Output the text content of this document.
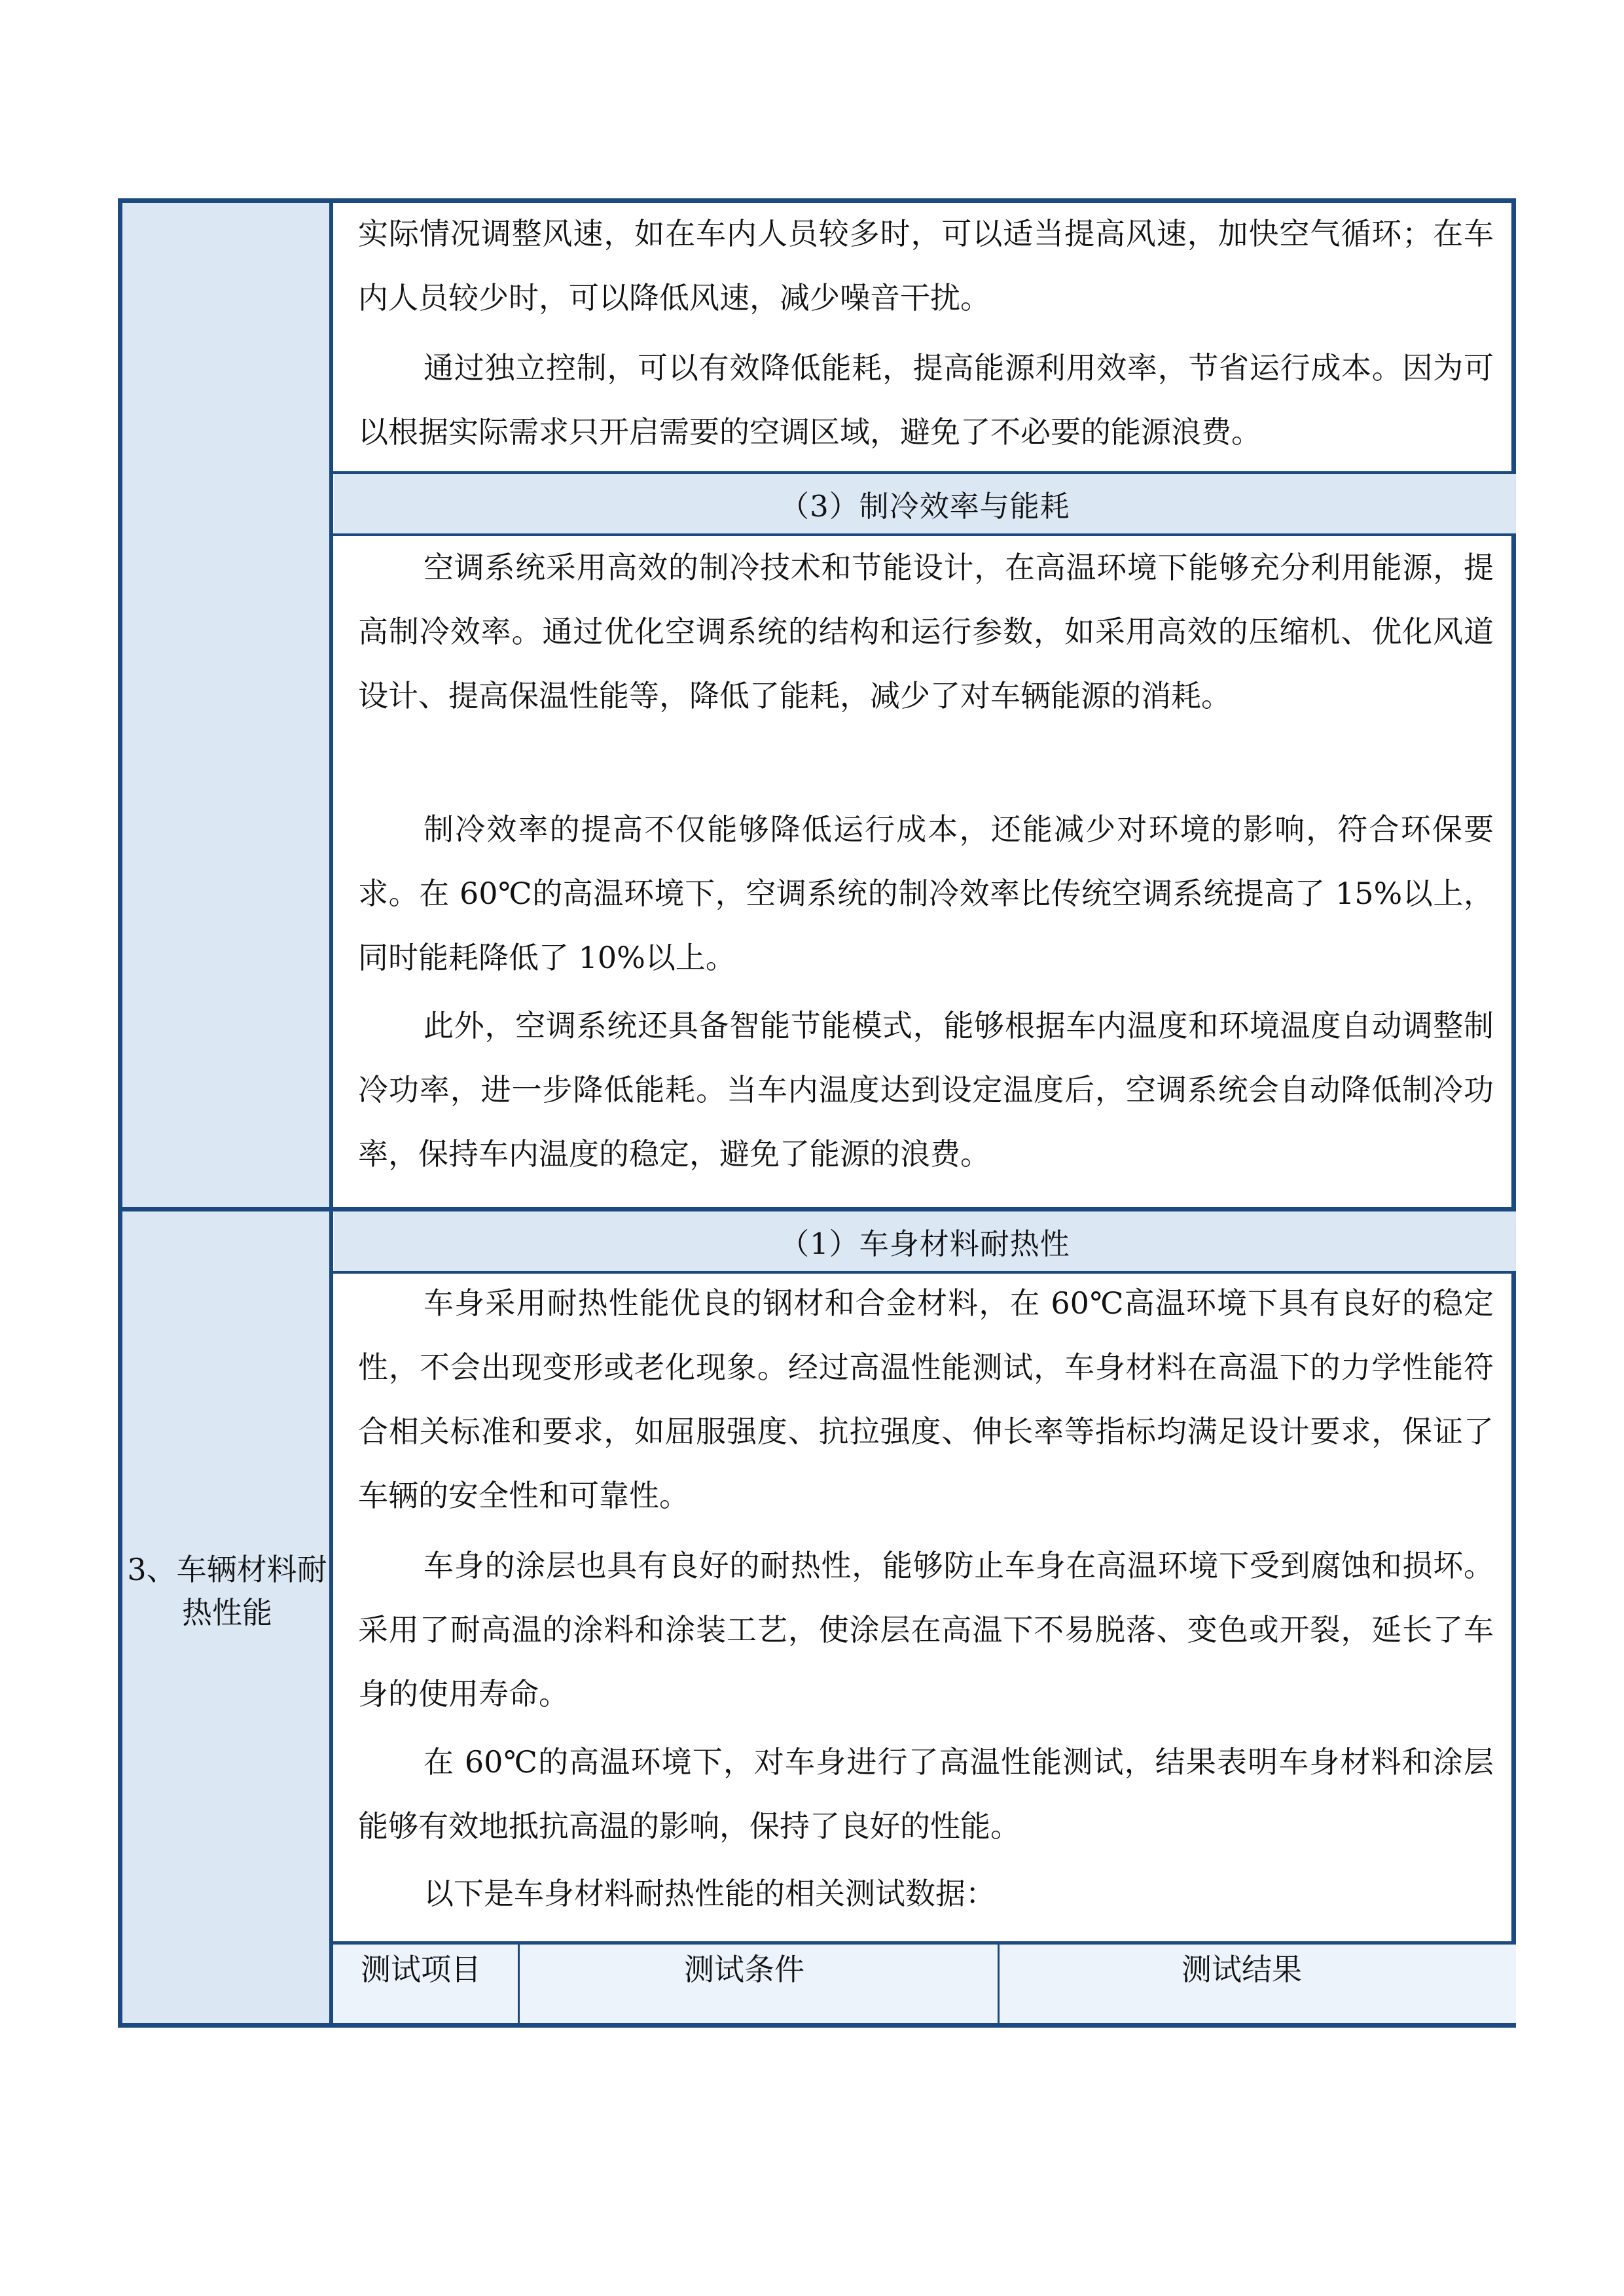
3、车辆材料耐热性能

实际情况调整风速，如在车内人员较多时，可以适当提高风速，加快空气循环；在车内人员较少时，可以降低风速，减少噪音干扰。

通过独立控制，可以有效降低能耗，提高能源利用效率，节省运行成本。因为可以根据实际需求只开启需要的空调区域，避免了不必要的能源浪费。

（3）制冷效率与能耗

空调系统采用高效的制冷技术和节能设计，在高温环境下能够充分利用能源，提高制冷效率。通过优化空调系统的结构和运行参数，如采用高效的压缩机、优化风道设计、提高保温性能等，降低了能耗，减少了对车辆能源的消耗。

制冷效率的提高不仅能够降低运行成本，还能减少对环境的影响，符合环保要求。在 60℃的高温环境下，空调系统的制冷效率比传统空调系统提高了 15%以上，同时能耗降低了 10%以上。

此外，空调系统还具备智能节能模式，能够根据车内温度和环境温度自动调整制冷功率，进一步降低能耗。当车内温度达到设定温度后，空调系统会自动降低制冷功率，保持车内温度的稳定，避免了能源的浪费。

（1）车身材料耐热性

车身采用耐热性能优良的钢材和合金材料，在 60℃高温环境下具有良好的稳定性，不会出现变形或老化现象。经过高温性能测试，车身材料在高温下的力学性能符合相关标准和要求，如屈服强度、抗拉强度、伸长率等指标均满足设计要求，保证了车辆的安全性和可靠性。

车身的涂层也具有良好的耐热性，能够防止车身在高温环境下受到腐蚀和损坏。采用了耐高温的涂料和涂装工艺，使涂层在高温下不易脱落、变色或开裂，延长了车身的使用寿命。

在 60℃的高温环境下，对车身进行了高温性能测试，结果表明车身材料和涂层能够有效地抵抗高温的影响，保持了良好的性能。

以下是车身材料耐热性能的相关测试数据：

测试项目	测试条件	测试结果
